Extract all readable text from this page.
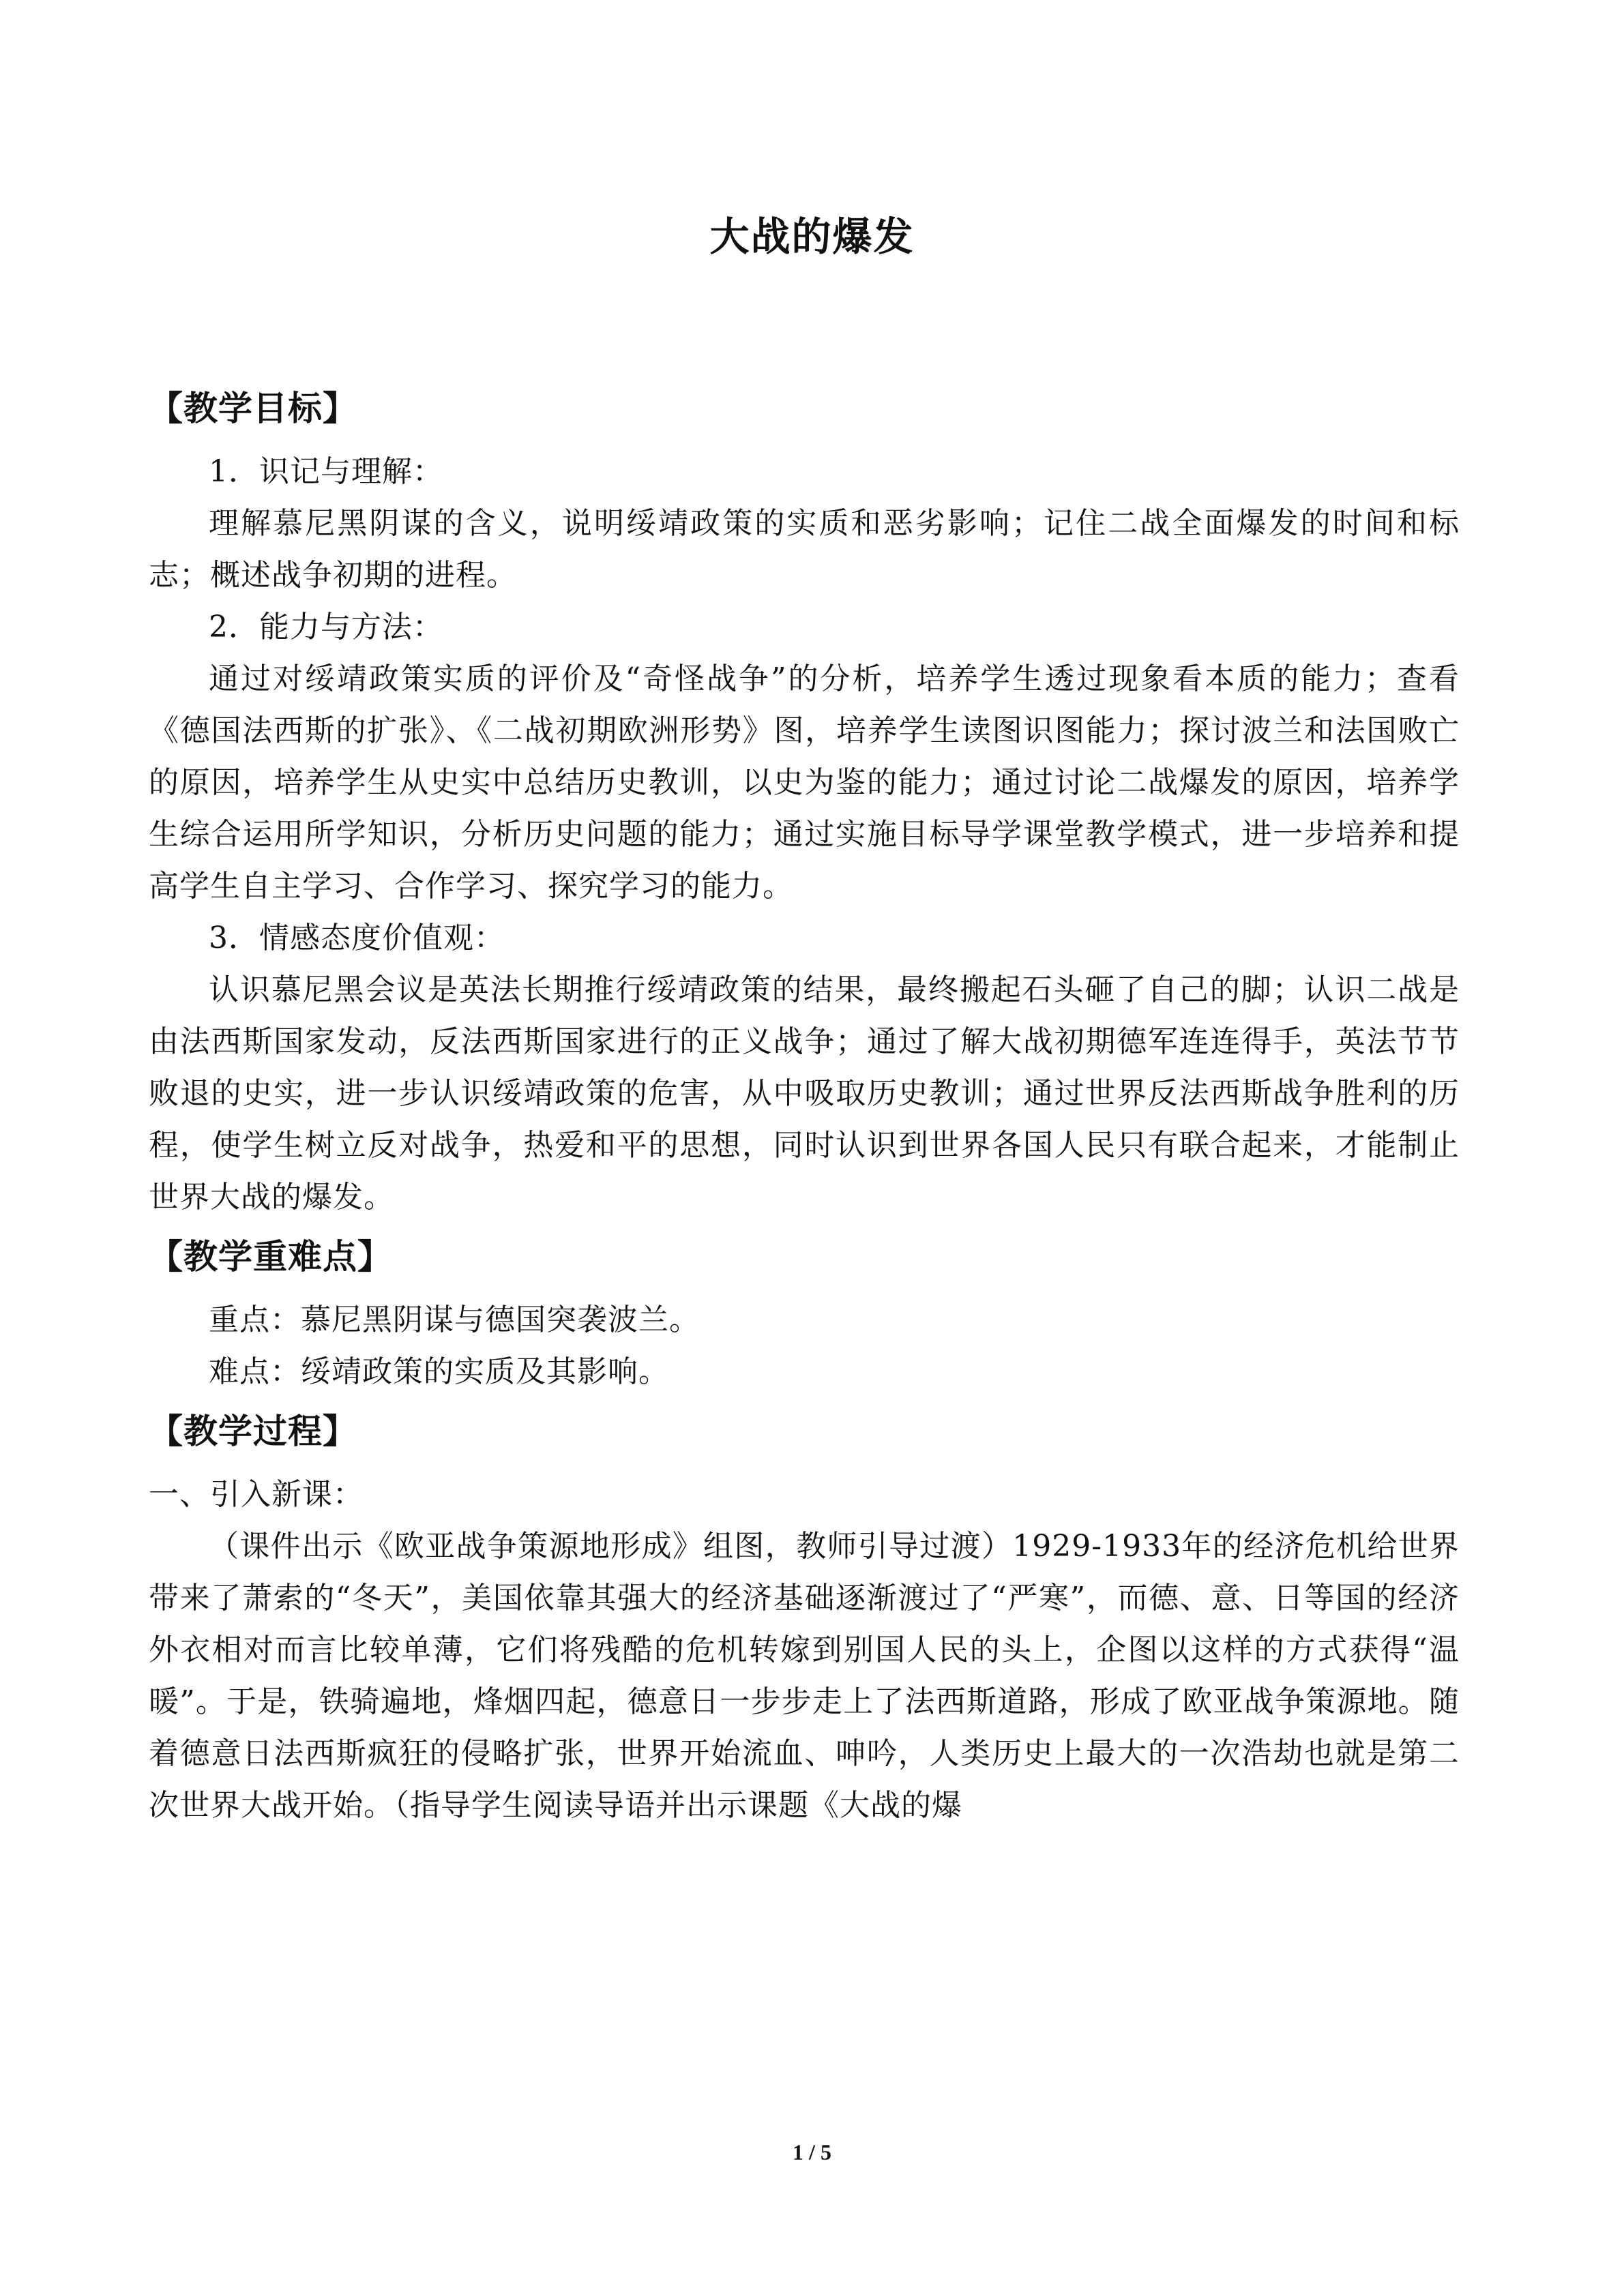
大战的爆发
【教学目标】

1．识记与理解：

理解慕尼黑阴谋的含义，说明绥靖政策的实质和恶劣影响；记住二战全面爆发的时间和标志；概述战争初期的进程。

2．能力与方法：

通过对绥靖政策实质的评价及“奇怪战争”的分析，培养学生透过现象看本质的能力；查看《德国法西斯的扩张》、《二战初期欧洲形势》图，培养学生读图识图能力；探讨波兰和法国败亡的原因，培养学生从史实中总结历史教训，以史为鉴的能力；通过讨论二战爆发的原因，培养学生综合运用所学知识，分析历史问题的能力；通过实施目标导学课堂教学模式，进一步培养和提高学生自主学习、合作学习、探究学习的能力。

3．情感态度价值观：

认识慕尼黑会议是英法长期推行绥靖政策的结果，最终搬起石头砸了自己的脚；认识二战是由法西斯国家发动，反法西斯国家进行的正义战争；通过了解大战初期德军连连得手，英法节节败退的史实，进一步认识绥靖政策的危害，从中吸取历史教训；通过世界反法西斯战争胜利的历程，使学生树立反对战争，热爱和平的思想，同时认识到世界各国人民只有联合起来，才能制止世界大战的爆发。

【教学重难点】

重点：慕尼黑阴谋与德国突袭波兰。

难点：绥靖政策的实质及其影响。

【教学过程】

一、引入新课：

（课件出示《欧亚战争策源地形成》组图，教师引导过渡）1929-1933年的经济危机给世界带来了萧索的“冬天”，美国依靠其强大的经济基础逐渐渡过了“严寒”，而德、意、日等国的经济外衣相对而言比较单薄，它们将残酷的危机转嫁到别国人民的头上，企图以这样的方式获得“温暖”。于是，铁骑遍地，烽烟四起，德意日一步步走上了法西斯道路，形成了欧亚战争策源地。随着德意日法西斯疯狂的侵略扩张，世界开始流血、呻吟，人类历史上最大的一次浩劫也就是第二次世界大战开始。（指导学生阅读导语并出示课题《大战的爆

1 / 5
